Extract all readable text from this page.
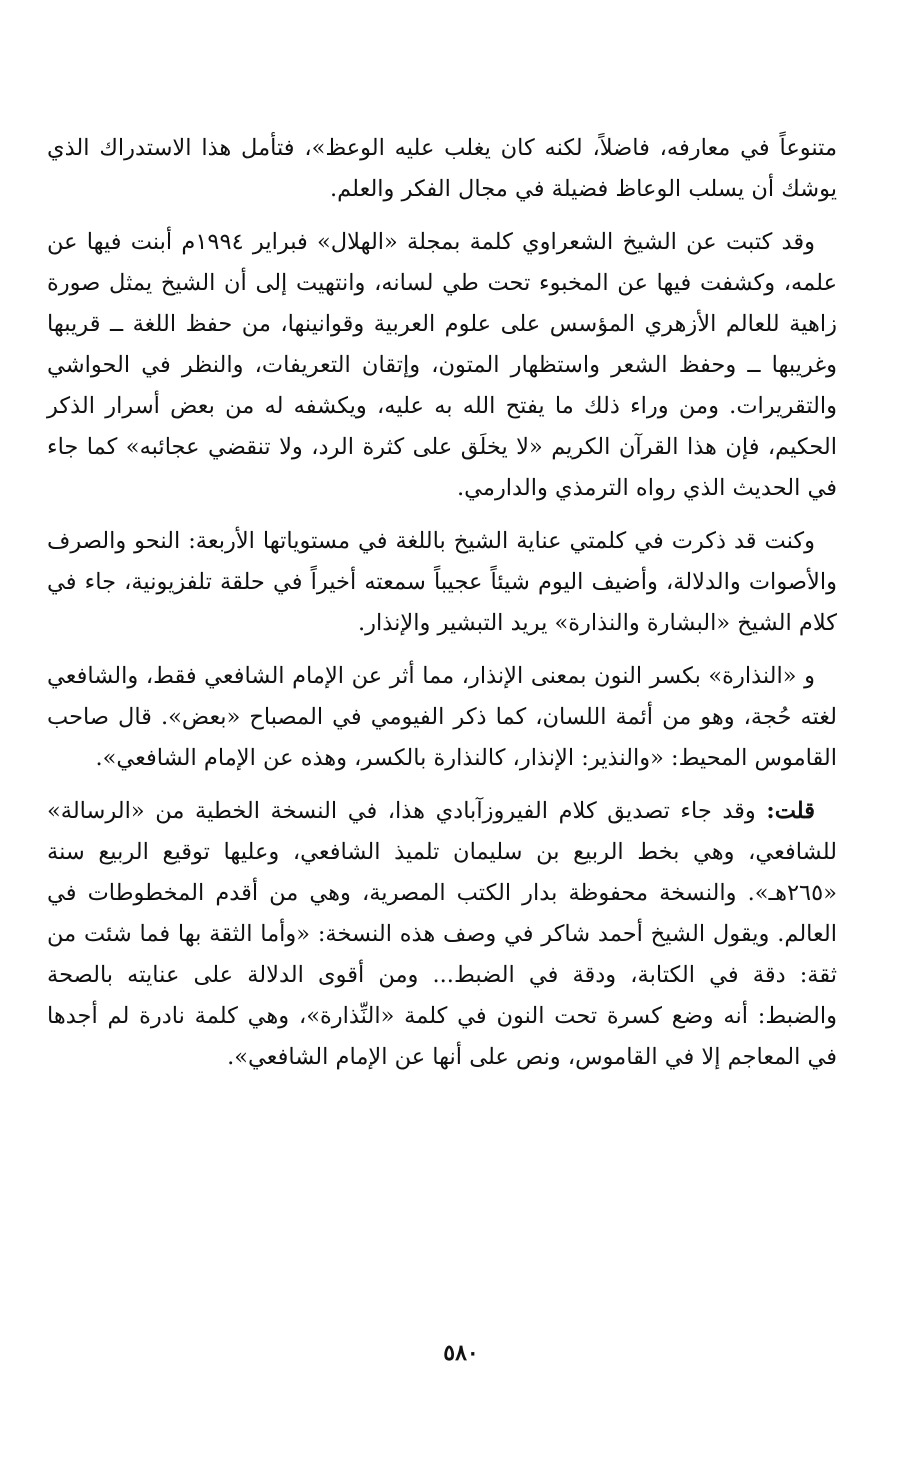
متنوعاً في معارفه، فاضلاً، لكنه كان يغلب عليه الوعظ»، فتأمل هذا الاستدراك الذي يوشك أن يسلب الوعاظ فضيلة في مجال الفكر والعلم.

وقد كتبت عن الشيخ الشعراوي كلمة بمجلة «الهلال» فبراير ١٩٩٤م أبنت فيها عن علمه، وكشفت فيها عن المخبوء تحت طي لسانه، وانتهيت إلى أن الشيخ يمثل صورة زاهية للعالم الأزهري المؤسس على علوم العربية وقوانينها، من حفظ اللغة ــ قريبها وغريبها ــ وحفظ الشعر واستظهار المتون، وإتقان التعريفات، والنظر في الحواشي والتقريرات. ومن وراء ذلك ما يفتح الله به عليه، ويكشفه له من بعض أسرار الذكر الحكيم، فإن هذا القرآن الكريم «لا يخلَق على كثرة الرد، ولا تنقضي عجائبه» كما جاء في الحديث الذي رواه الترمذي والدارمي.

وكنت قد ذكرت في كلمتي عناية الشيخ باللغة في مستوياتها الأربعة: النحو والصرف والأصوات والدلالة، وأضيف اليوم شيئاً عجيباً سمعته أخيراً في حلقة تلفزيونية، جاء في كلام الشيخ «البشارة والنذارة» يريد التبشير والإنذار.

و «النذارة» بكسر النون بمعنى الإنذار، مما أثر عن الإمام الشافعي فقط، والشافعي لغته حُجة، وهو من أئمة اللسان، كما ذكر الفيومي في المصباح «بعض». قال صاحب القاموس المحيط: «والنذير: الإنذار، كالنذارة بالكسر، وهذه عن الإمام الشافعي».

قلت: وقد جاء تصديق كلام الفيروزآبادي هذا، في النسخة الخطية من «الرسالة» للشافعي، وهي بخط الربيع بن سليمان تلميذ الشافعي، وعليها توقيع الربيع سنة «٢٦٥هـ». والنسخة محفوظة بدار الكتب المصرية، وهي من أقدم المخطوطات في العالم. ويقول الشيخ أحمد شاكر في وصف هذه النسخة: «وأما الثقة بها فما شئت من ثقة: دقة في الكتابة، ودقة في الضبط... ومن أقوى الدلالة على عنايته بالصحة والضبط: أنه وضع كسرة تحت النون في كلمة «النِّذارة»، وهي كلمة نادرة لم أجدها في المعاجم إلا في القاموس، ونص على أنها عن الإمام الشافعي».

٥٨٠
